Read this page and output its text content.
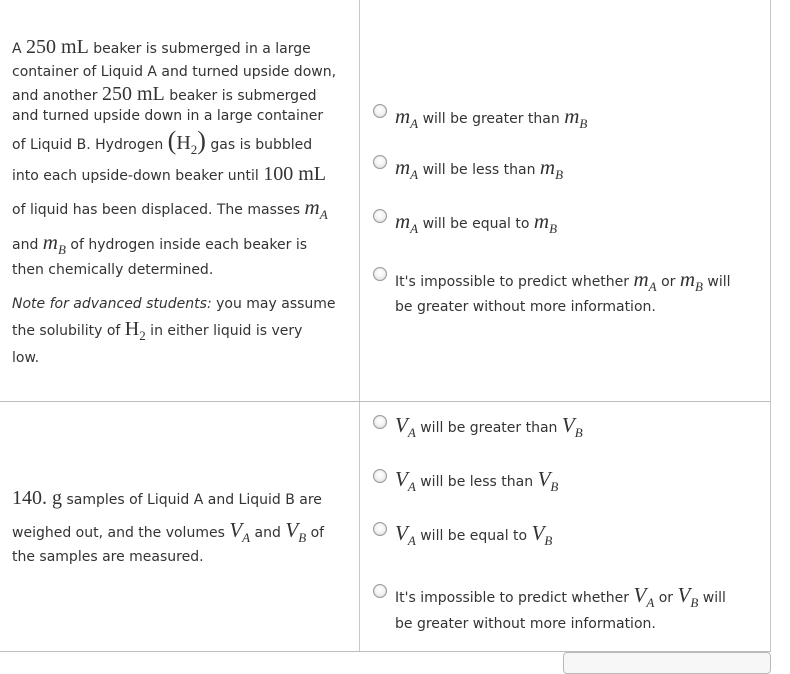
A 250 mL beaker is submerged in a large
container of Liquid A and turned upside down,
and another 250 mL beaker is submerged
and turned upside down in a large container
of Liquid B. Hydrogen (H2) gas is bubbled
into each upside-down beaker until 100 mL
of liquid has been displaced. The masses mA
and mB of hydrogen inside each beaker is
then chemically determined.
Note for advanced students: you may assume
the solubility of H2 in either liquid is very
low.
mA will be greater than mB
mA will be less than mB
mA will be equal to mB
It's impossible to predict whether mA or mB will
be greater without more information.
140. g samples of Liquid A and Liquid B are
weighed out, and the volumes VA and VB of
the samples are measured.
VA will be greater than VB
VA will be less than VB
VA will be equal to VB
It's impossible to predict whether VA or VB will
be greater without more information.
